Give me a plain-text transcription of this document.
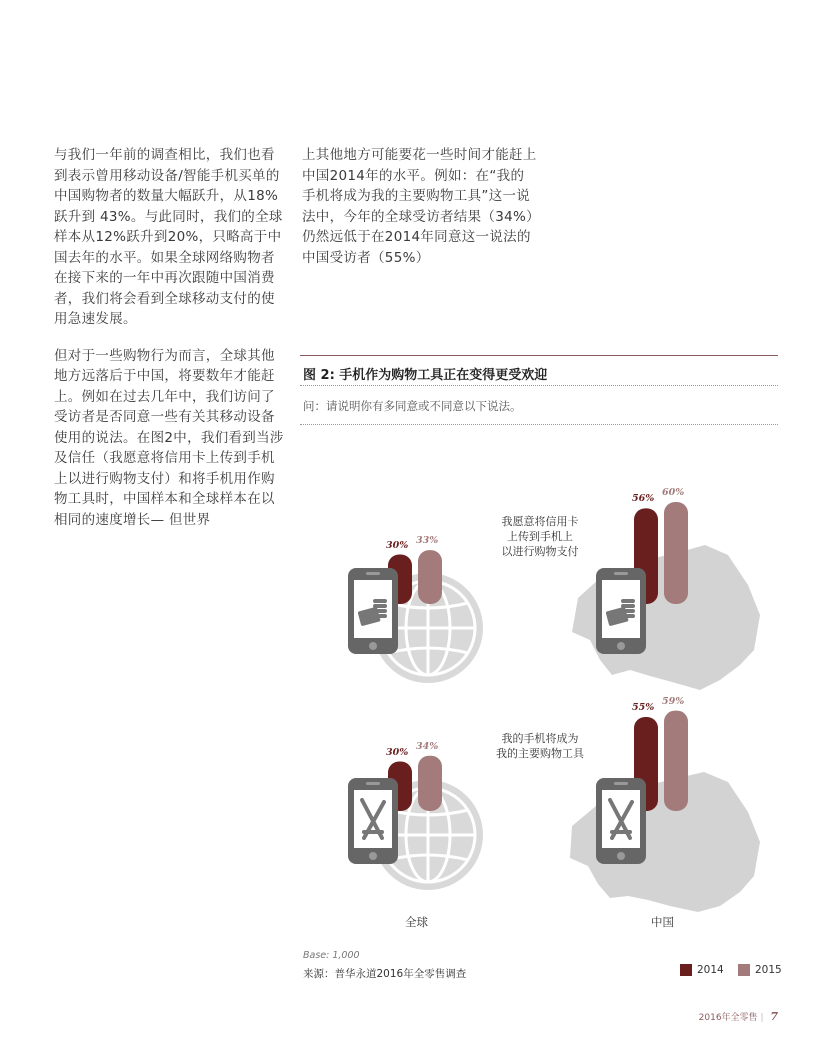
与我们一年前的调查相比，我们也看到表示曾用移动设备/智能手机买单的中国购物者的数量大幅跃升，从18%跃升到 43%。与此同时，我们的全球样本从12%跃升到20%，只略高于中国去年的水平。如果全球网络购物者在接下来的一年中再次跟随中国消费者，我们将会看到全球移动支付的使用急速发展。

但对于一些购物行为而言，全球其他地方远落后于中国，将要数年才能赶上。例如在过去几年中，我们访问了受访者是否同意一些有关其移动设备使用的说法。在图2中，我们看到当涉及信任（我愿意将信用卡上传到手机上以进行购物支付）和将手机用作购物工具时，中国样本和全球样本在以相同的速度增长— 但世界

上其他地方可能要花一些时间才能赶上中国2014年的水平。例如：在“我的手机将成为我的主要购物工具”这一说法中，今年的全球受访者结果（34%）仍然远低于在2014年同意这一说法的中国受访者（55%）

图 2: 手机作为购物工具正在变得更受欢迎
问：请说明你有多同意或不同意以下说法。
30% 33%
56%
60%
30%
34%
55%
59%
我愿意将信用卡
上传到手机上
以进行购物支付
我的手机将成为
我的主要购物工具
全球	中国
Base: 1,000
来源：普华永道2016年全零售调查	2014	2015
2016年全零售 | 7
